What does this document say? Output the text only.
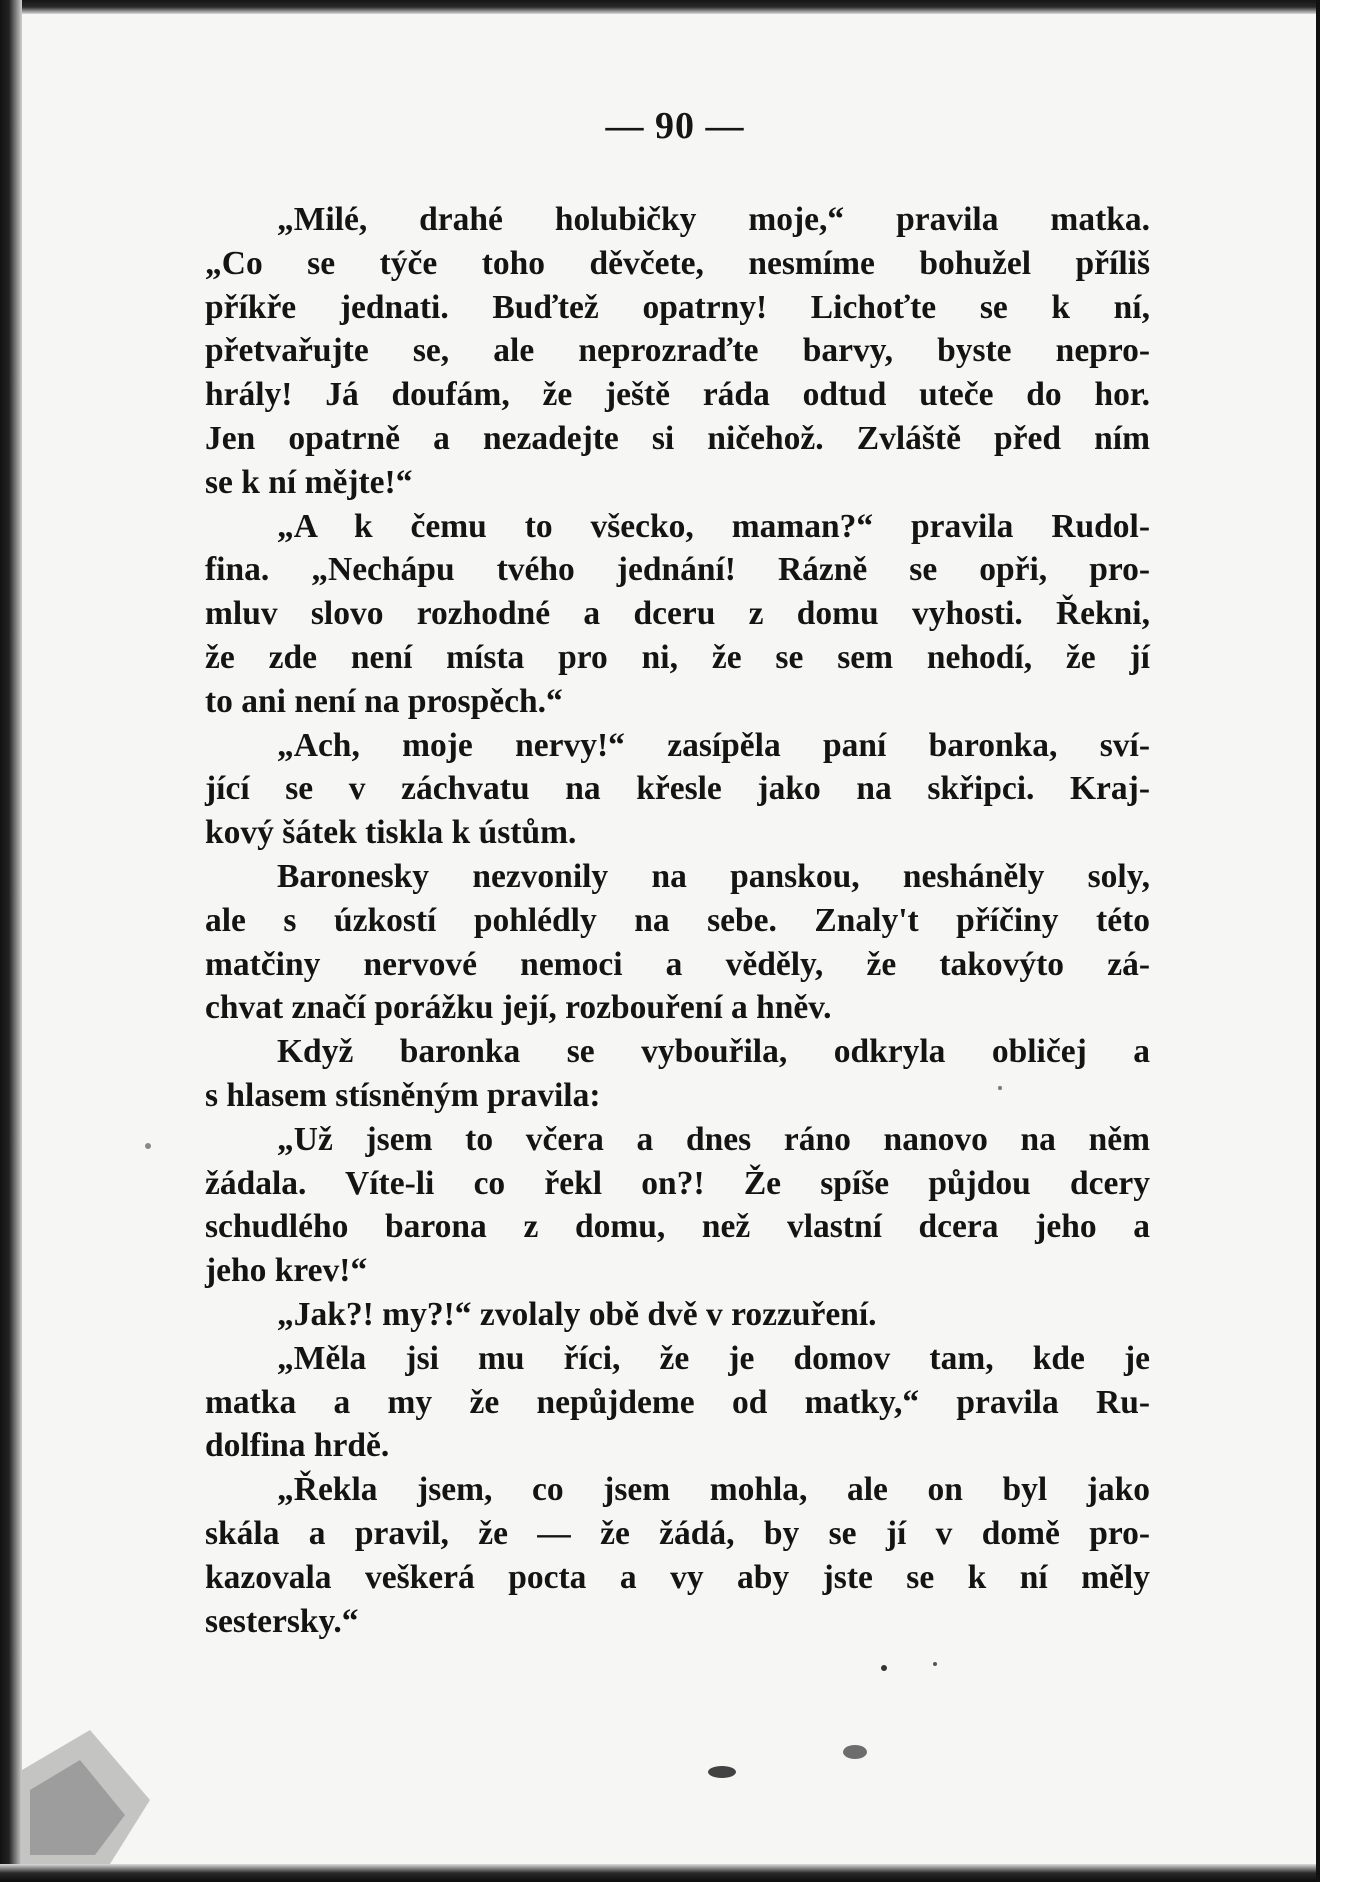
— 90 —
„Milé, drahé holubičky moje,“ pravila matka.
„Co se týče toho děvčete, nesmíme bohužel příliš
příkře jednati. Buďtež opatrny! Lichoťte se k ní,
přetvařujte se, ale neprozraďte barvy, byste nepro-
hrály! Já doufám, že ještě ráda odtud uteče do hor.
Jen opatrně a nezadejte si ničehož. Zvláště před ním
se k ní mějte!“
„A k čemu to všecko, maman?“ pravila Rudol-
fina. „Nechápu tvého jednání! Rázně se opři, pro-
mluv slovo rozhodné a dceru z domu vyhosti. Řekni,
že zde není místa pro ni, že se sem nehodí, že jí
to ani není na prospěch.“
„Ach, moje nervy!“ zasípěla paní baronka, sví-
jící se v záchvatu na křesle jako na skřipci. Kraj-
kový šátek tiskla k ústům.
Baronesky nezvonily na panskou, nesháněly soly,
ale s úzkostí pohlédly na sebe. Znaly't příčiny této
matčiny nervové nemoci a věděly, že takovýto zá-
chvat značí porážku její, rozbouření a hněv.
Když baronka se vybouřila, odkryla obličej a
s hlasem stísněným pravila:
„Už jsem to včera a dnes ráno nanovo na něm
žádala. Víte-li co řekl on?! Že spíše půjdou dcery
schudlého barona z domu, než vlastní dcera jeho a
jeho krev!“
„Jak?! my?!“ zvolaly obě dvě v rozzuření.
„Měla jsi mu říci, že je domov tam, kde je
matka a my že nepůjdeme od matky,“ pravila Ru-
dolfina hrdě.
„Řekla jsem, co jsem mohla, ale on byl jako
skála a pravil, že — že žádá, by se jí v domě pro-
kazovala veškerá pocta a vy aby jste se k ní měly
sestersky.“
